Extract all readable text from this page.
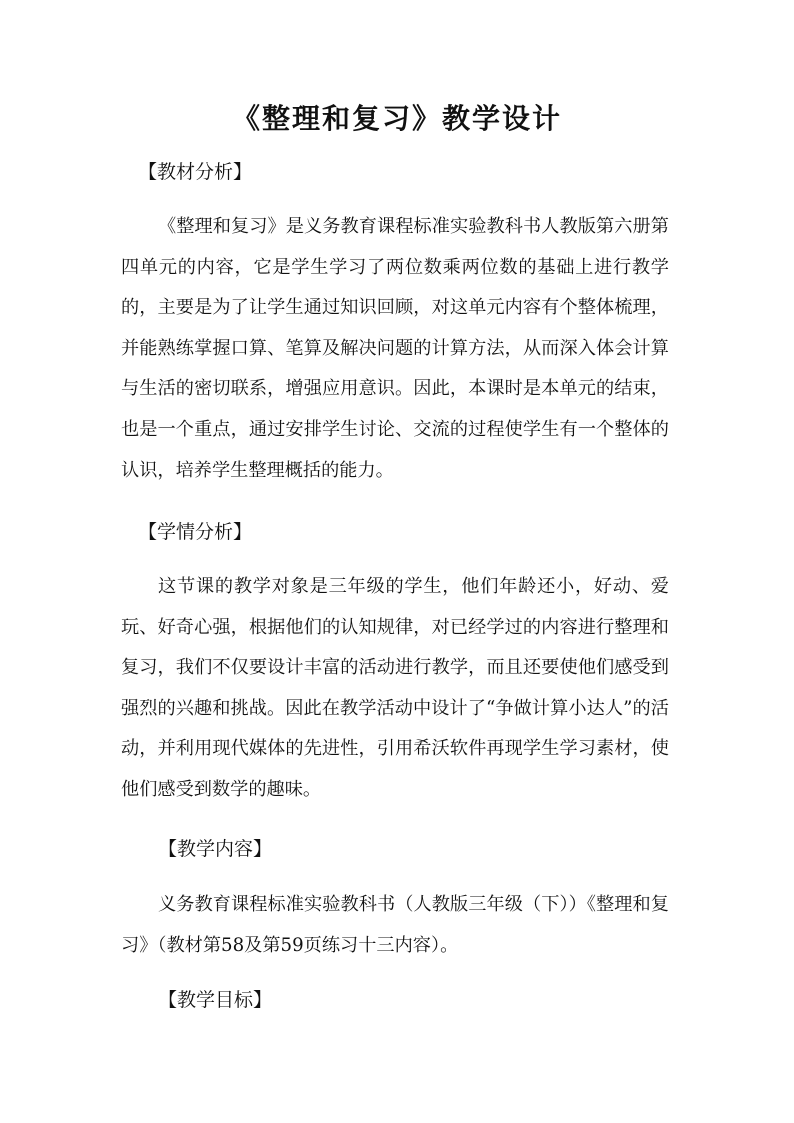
《整理和复习》教学设计
【教材分析】
《整理和复习》是义务教育课程标准实验教科书人教版第六册第四单元的内容，它是学生学习了两位数乘两位数的基础上进行教学的，主要是为了让学生通过知识回顾，对这单元内容有个整体梳理，并能熟练掌握口算、笔算及解决问题的计算方法，从而深入体会计算与生活的密切联系，增强应用意识。因此，本课时是本单元的结束，也是一个重点，通过安排学生讨论、交流的过程使学生有一个整体的认识，培养学生整理概括的能力。
【学情分析】
这节课的教学对象是三年级的学生，他们年龄还小，好动、爱玩、好奇心强，根据他们的认知规律，对已经学过的内容进行整理和复习，我们不仅要设计丰富的活动进行教学，而且还要使他们感受到强烈的兴趣和挑战。因此在教学活动中设计了“争做计算小达人”的活动，并利用现代媒体的先进性，引用希沃软件再现学生学习素材，使他们感受到数学的趣味。
【教学内容】
义务教育课程标准实验教科书（人教版三年级（下））《整理和复习》（教材第58及第59页练习十三内容）。
【教学目标】
